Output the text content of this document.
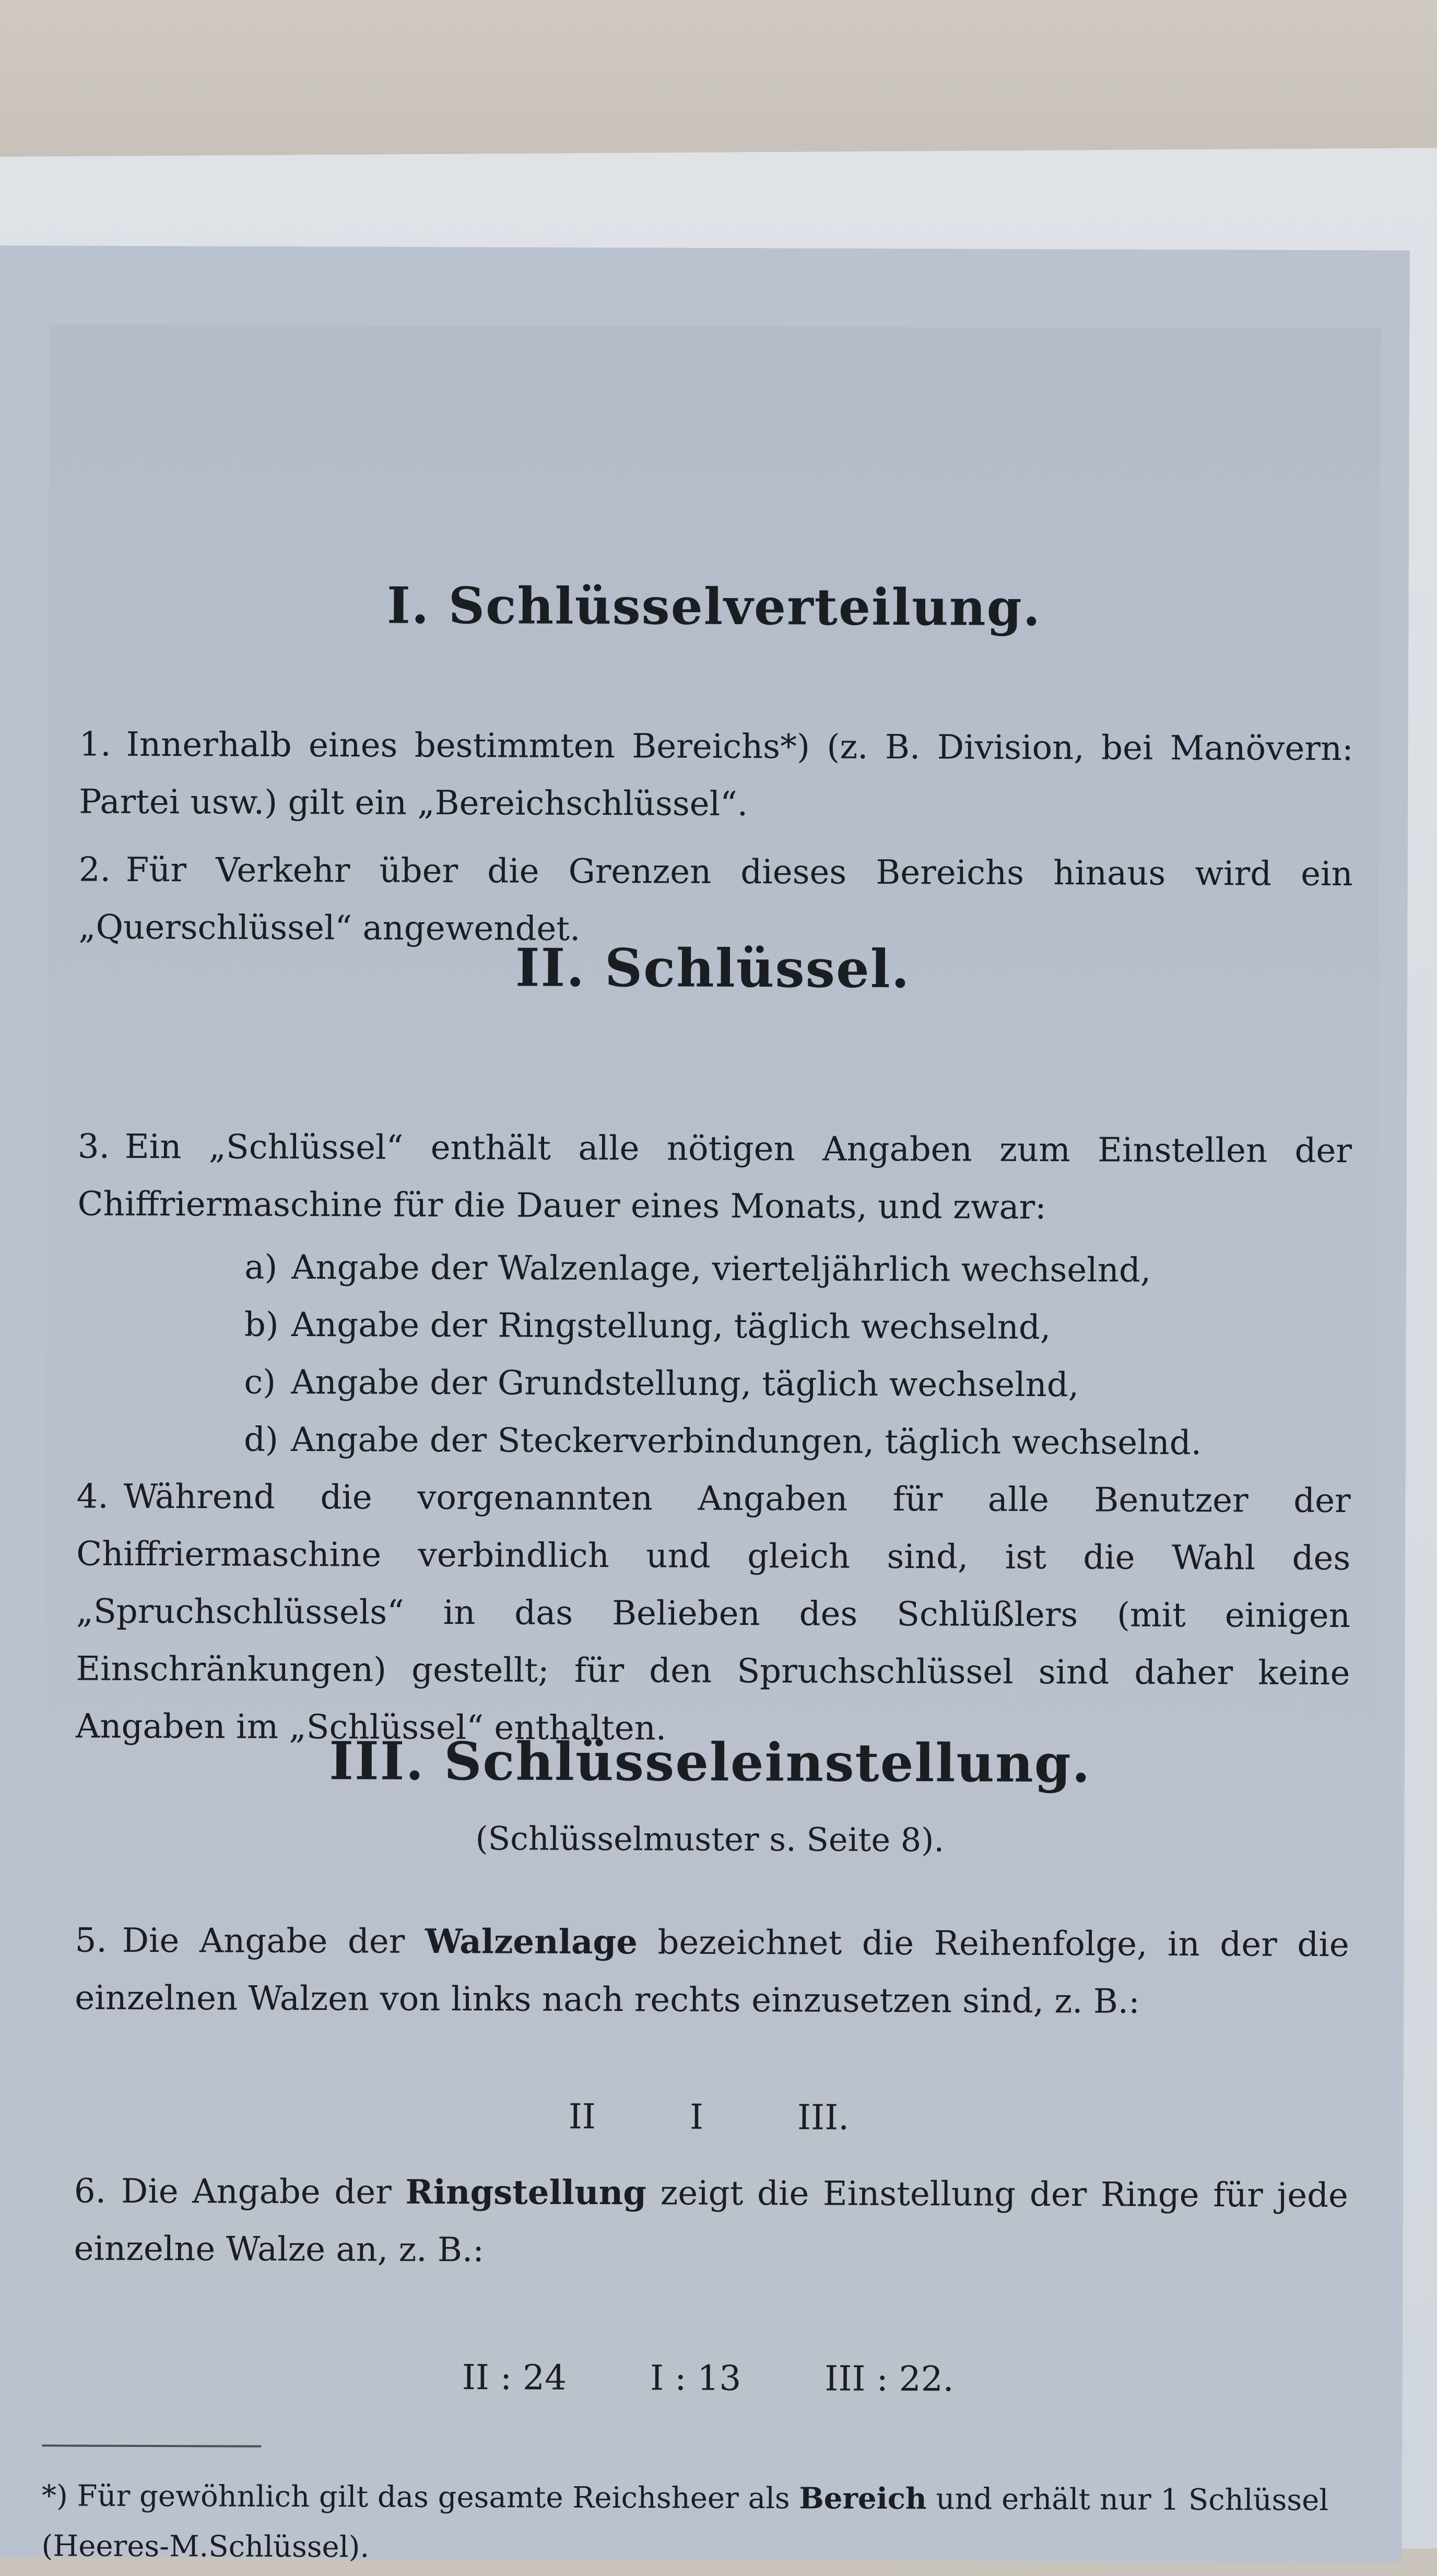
I. Schlüsselverteilung.

1. Innerhalb eines bestimmten Bereichs*) (z. B. Division, bei Manövern: Partei usw.) gilt ein „Bereichschlüssel“.

2. Für Verkehr über die Grenzen dieses Bereichs hinaus wird ein „Querschlüssel“ angewendet.

II. Schlüssel.

3. Ein „Schlüssel“ enthält alle nötigen Angaben zum Einstellen der Chiffriermaschine für die Dauer eines Monats, und zwar:

a) Angabe der Walzenlage, vierteljährlich wechselnd,
b) Angabe der Ringstellung, täglich wechselnd,
c) Angabe der Grundstellung, täglich wechselnd,
d) Angabe der Steckerverbindungen, täglich wechselnd.

4. Während die vorgenannten Angaben für alle Benutzer der Chiffriermaschine verbindlich und gleich sind, ist die Wahl des „Spruchschlüssels“ in das Belieben des Schlüßlers (mit einigen Einschränkungen) gestellt; für den Spruchschlüssel sind daher keine Angaben im „Schlüssel“ enthalten.

III. Schlüsseleinstellung.

(Schlüsselmuster s. Seite 8).

5. Die Angabe der Walzenlage bezeichnet die Reihenfolge, in der die einzelnen Walzen von links nach rechts einzusetzen sind, z. B.:

II	I	III.

6. Die Angabe der Ringstellung zeigt die Einstellung der Ringe für jede einzelne Walze an, z. B.:

II : 24 I : 13 III : 22.

*) Für gewöhnlich gilt das gesamte Reichsheer als Bereich und erhält nur 1 Schlüssel (Heeres-M.Schlüssel).
